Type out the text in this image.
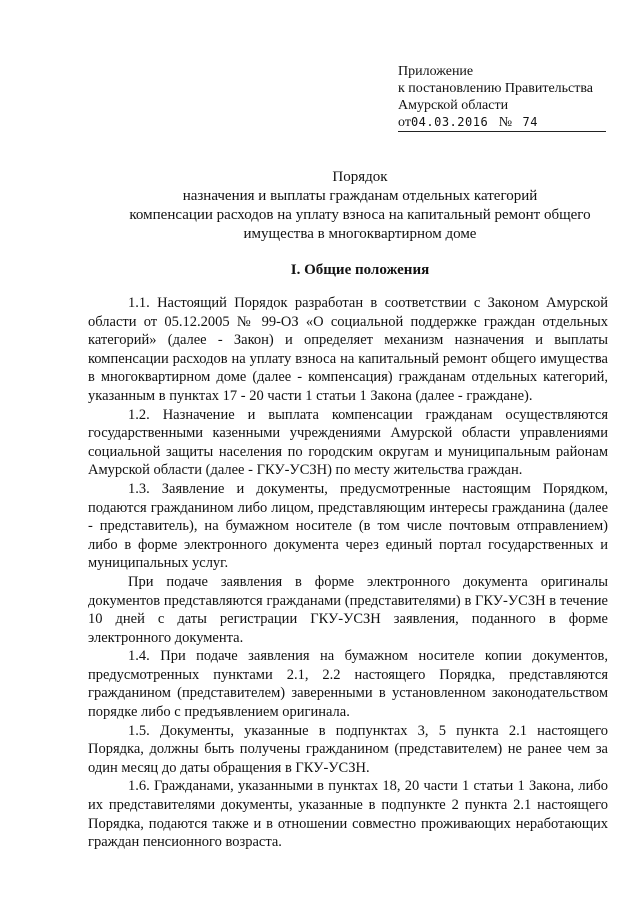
Приложение
к постановлению Правительства
Амурской области
от04.03.2016 № 74
Порядок
назначения и выплаты гражданам отдельных категорий
компенсации расходов на уплату взноса на капитальный ремонт общего
имущества в многоквартирном доме
I. Общие положения

1.1. Настоящий Порядок разработан в соответствии с Законом Амурской области от 05.12.2005 № 99-ОЗ «О социальной поддержке граждан отдельных категорий» (далее - Закон) и определяет механизм назначения и выплаты компенсации расходов на уплату взноса на капитальный ремонт общего имущества в многоквартирном доме (далее - компенсация) гражданам отдельных категорий, указанным в пунктах 17 - 20 части 1 статьи 1 Закона (далее - граждане).

1.2. Назначение и выплата компенсации гражданам осуществляются государственными казенными учреждениями Амурской области управлениями социальной защиты населения по городским округам и муниципальным районам Амурской области (далее - ГКУ-УСЗН) по месту жительства граждан.

1.3. Заявление и документы, предусмотренные настоящим Порядком, подаются гражданином либо лицом, представляющим интересы гражданина (далее - представитель), на бумажном носителе (в том числе почтовым отправлением) либо в форме электронного документа через единый портал государственных и муниципальных услуг.

При подаче заявления в форме электронного документа оригиналы документов представляются гражданами (представителями) в ГКУ-УСЗН в течение 10 дней с даты регистрации ГКУ-УСЗН заявления, поданного в форме электронного документа.

1.4. При подаче заявления на бумажном носителе копии документов, предусмотренных пунктами 2.1, 2.2 настоящего Порядка, представляются гражданином (представителем) заверенными в установленном законодательством порядке либо с предъявлением оригинала.

1.5. Документы, указанные в подпунктах 3, 5 пункта 2.1 настоящего Порядка, должны быть получены гражданином (представителем) не ранее чем за один месяц до даты обращения в ГКУ-УСЗН.

1.6. Гражданами, указанными в пунктах 18, 20 части 1 статьи 1 Закона, либо их представителями документы, указанные в подпункте 2 пункта 2.1 настоящего Порядка, подаются также и в отношении совместно проживающих неработающих граждан пенсионного возраста.
